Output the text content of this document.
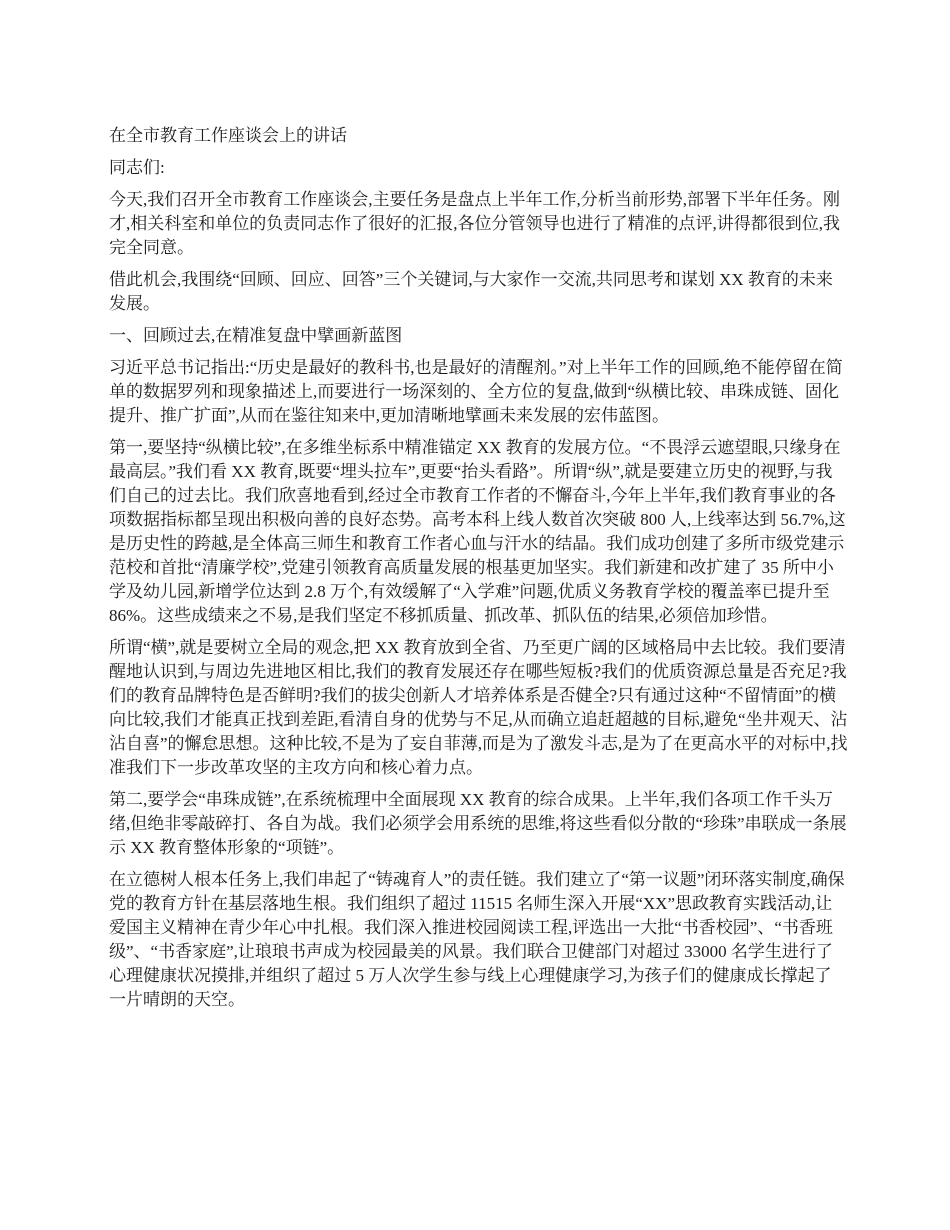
在全市教育工作座谈会上的讲话

同志们:

今天,我们召开全市教育工作座谈会,主要任务是盘点上半年工作,分析当前形势,部署下半年任务。刚才,相关科室和单位的负责同志作了很好的汇报,各位分管领导也进行了精准的点评,讲得都很到位,我完全同意。

借此机会,我围绕“回顾、回应、回答”三个关键词,与大家作一交流,共同思考和谋划 XX 教育的未来发展。

一、回顾过去,在精准复盘中擘画新蓝图

习近平总书记指出:“历史是最好的教科书,也是最好的清醒剂。”对上半年工作的回顾,绝不能停留在简单的数据罗列和现象描述上,而要进行一场深刻的、全方位的复盘,做到“纵横比较、串珠成链、固化提升、推广扩面”,从而在鉴往知来中,更加清晰地擘画未来发展的宏伟蓝图。

第一,要坚持“纵横比较”,在多维坐标系中精准锚定 XX 教育的发展方位。“不畏浮云遮望眼,只缘身在最高层。”我们看 XX 教育,既要“埋头拉车”,更要“抬头看路”。所谓“纵”,就是要建立历史的视野,与我们自己的过去比。我们欣喜地看到,经过全市教育工作者的不懈奋斗,今年上半年,我们教育事业的各项数据指标都呈现出积极向善的良好态势。高考本科上线人数首次突破 800 人,上线率达到 56.7%,这是历史性的跨越,是全体高三师生和教育工作者心血与汗水的结晶。我们成功创建了多所市级党建示范校和首批“清廉学校”,党建引领教育高质量发展的根基更加坚实。我们新建和改扩建了 35 所中小学及幼儿园,新增学位达到 2.8 万个,有效缓解了“入学难”问题,优质义务教育学校的覆盖率已提升至 86%。这些成绩来之不易,是我们坚定不移抓质量、抓改革、抓队伍的结果,必须倍加珍惜。

所谓“横”,就是要树立全局的观念,把 XX 教育放到全省、乃至更广阔的区域格局中去比较。我们要清醒地认识到,与周边先进地区相比,我们的教育发展还存在哪些短板?我们的优质资源总量是否充足?我们的教育品牌特色是否鲜明?我们的拔尖创新人才培养体系是否健全?只有通过这种“不留情面”的横向比较,我们才能真正找到差距,看清自身的优势与不足,从而确立追赶超越的目标,避免“坐井观天、沾沾自喜”的懈怠思想。这种比较,不是为了妄自菲薄,而是为了激发斗志,是为了在更高水平的对标中,找准我们下一步改革攻坚的主攻方向和核心着力点。

第二,要学会“串珠成链”,在系统梳理中全面展现 XX 教育的综合成果。上半年,我们各项工作千头万绪,但绝非零敲碎打、各自为战。我们必须学会用系统的思维,将这些看似分散的“珍珠”串联成一条展示 XX 教育整体形象的“项链”。

在立德树人根本任务上,我们串起了“铸魂育人”的责任链。我们建立了“第一议题”闭环落实制度,确保党的教育方针在基层落地生根。我们组织了超过 11515 名师生深入开展“XX”思政教育实践活动,让爱国主义精神在青少年心中扎根。我们深入推进校园阅读工程,评选出一大批“书香校园”、“书香班级”、“书香家庭”,让琅琅书声成为校园最美的风景。我们联合卫健部门对超过 33000 名学生进行了心理健康状况摸排,并组织了超过 5 万人次学生参与线上心理健康学习,为孩子们的健康成长撑起了一片晴朗的天空。
